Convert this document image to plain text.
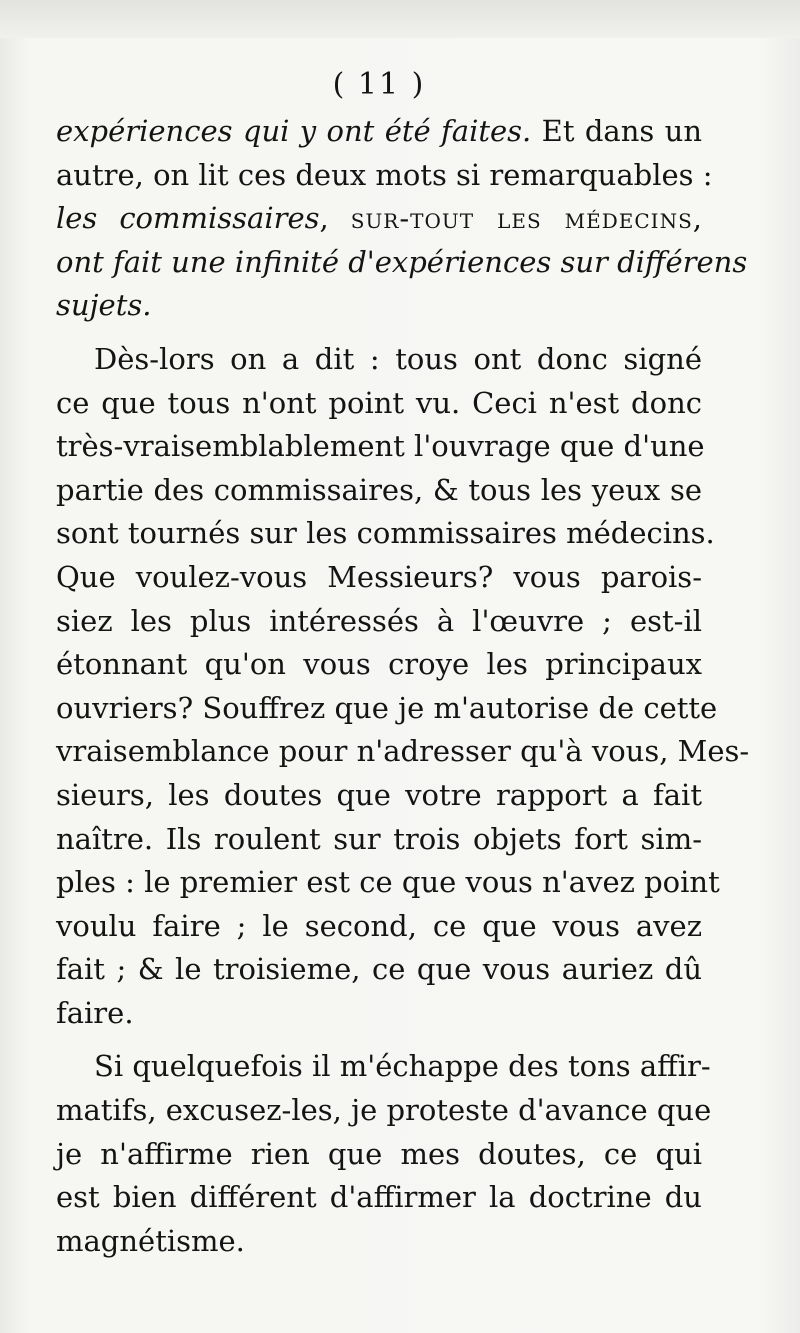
( 11 )
expériences qui y ont été faites. Et dans un
autre, on lit ces deux mots si remarquables :
les commissaires, sur-tout les médecins,
ont fait une infinité d'expériences sur différens
sujets.
Dès-lors on a dit : tous ont donc signé
ce que tous n'ont point vu. Ceci n'est donc
très-vraisemblablement l'ouvrage que d'une
partie des commissaires, & tous les yeux se
sont tournés sur les commissaires médecins.
Que voulez-vous Messieurs? vous parois-
siez les plus intéressés à l'œuvre ; est-il
étonnant qu'on vous croye les principaux
ouvriers? Souffrez que je m'autorise de cette
vraisemblance pour n'adresser qu'à vous, Mes-
sieurs, les doutes que votre rapport a fait
naître. Ils roulent sur trois objets fort sim-
ples : le premier est ce que vous n'avez point
voulu faire ; le second, ce que vous avez
fait ; & le troisieme, ce que vous auriez dû
faire.
Si quelquefois il m'échappe des tons affir-
matifs, excusez-les, je proteste d'avance que
je n'affirme rien que mes doutes, ce qui
est bien différent d'affirmer la doctrine du
magnétisme.
